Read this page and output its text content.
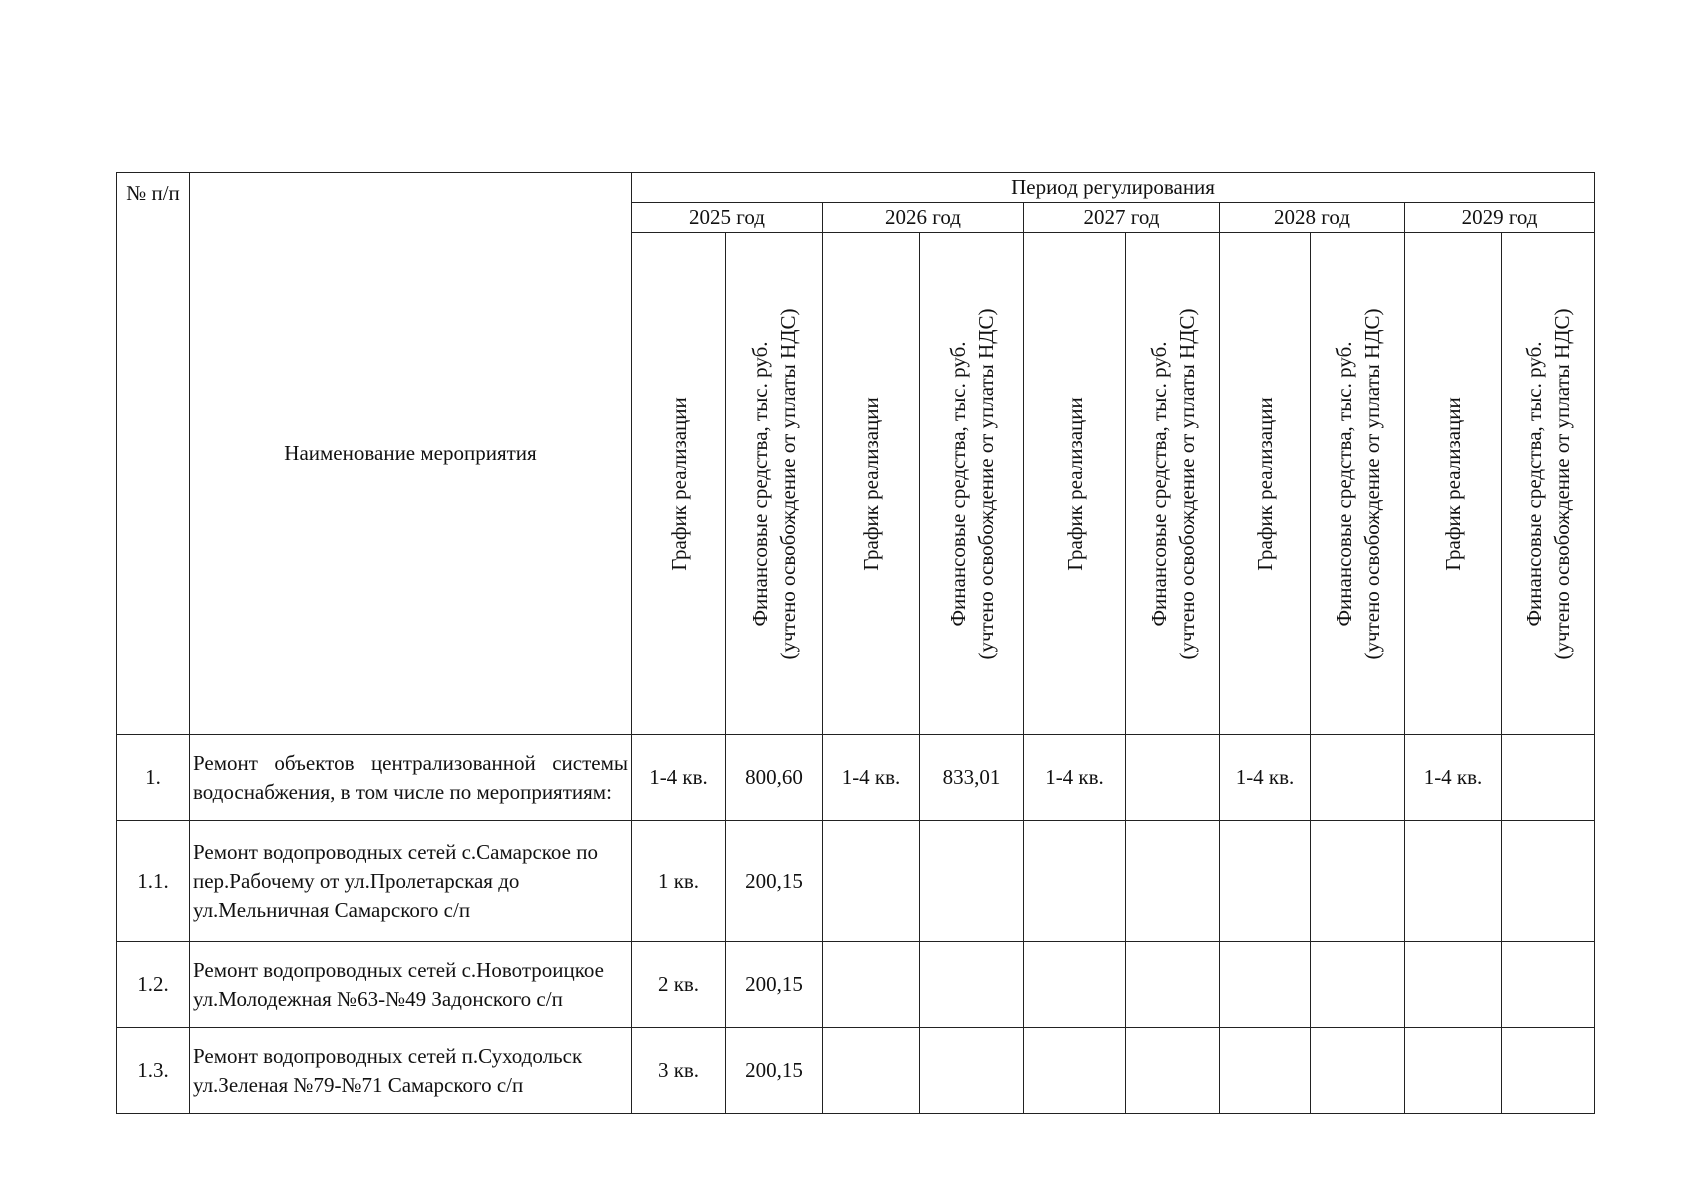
№ п/п	Наименование мероприятия	Период регулирования									
		2025 год		2026 год		2027 год		2028 год		2029 год	

		График реализации	Финансовые средства, тыс. руб. (учтено освобождение от уплаты НДС)	График реализации	Финансовые средства, тыс. руб. (учтено освобождение от уплаты НДС)	График реализации	Финансовые средства, тыс. руб. (учтено освобождение от уплаты НДС)	График реализации	Финансовые средства, тыс. руб. (учтено освобождение от уплаты НДС)	График реализации	Финансовые средства, тыс. руб. (учтено освобождение от уплаты НДС)

1.	Ремонт объектов централизованной системы водоснабжения, в том числе по мероприятиям:	1-4 кв.	800,60	1-4 кв.	833,01	1-4 кв.		1-4 кв.		1-4 кв.	
1.1.	Ремонт водопроводных сетей с.Самарское по пер.Рабочему от ул.Пролетарская до ул.Мельничная Самарского с/п	1 кв.	200,15								
1.2.	Ремонт водопроводных сетей с.Новотроицкое ул.Молодежная №63-№49 Задонского с/п	2 кв.	200,15								
1.3.	Ремонт водопроводных сетей п.Суходольск ул.Зеленая №79-№71 Самарского с/п	3 кв.	200,15								
